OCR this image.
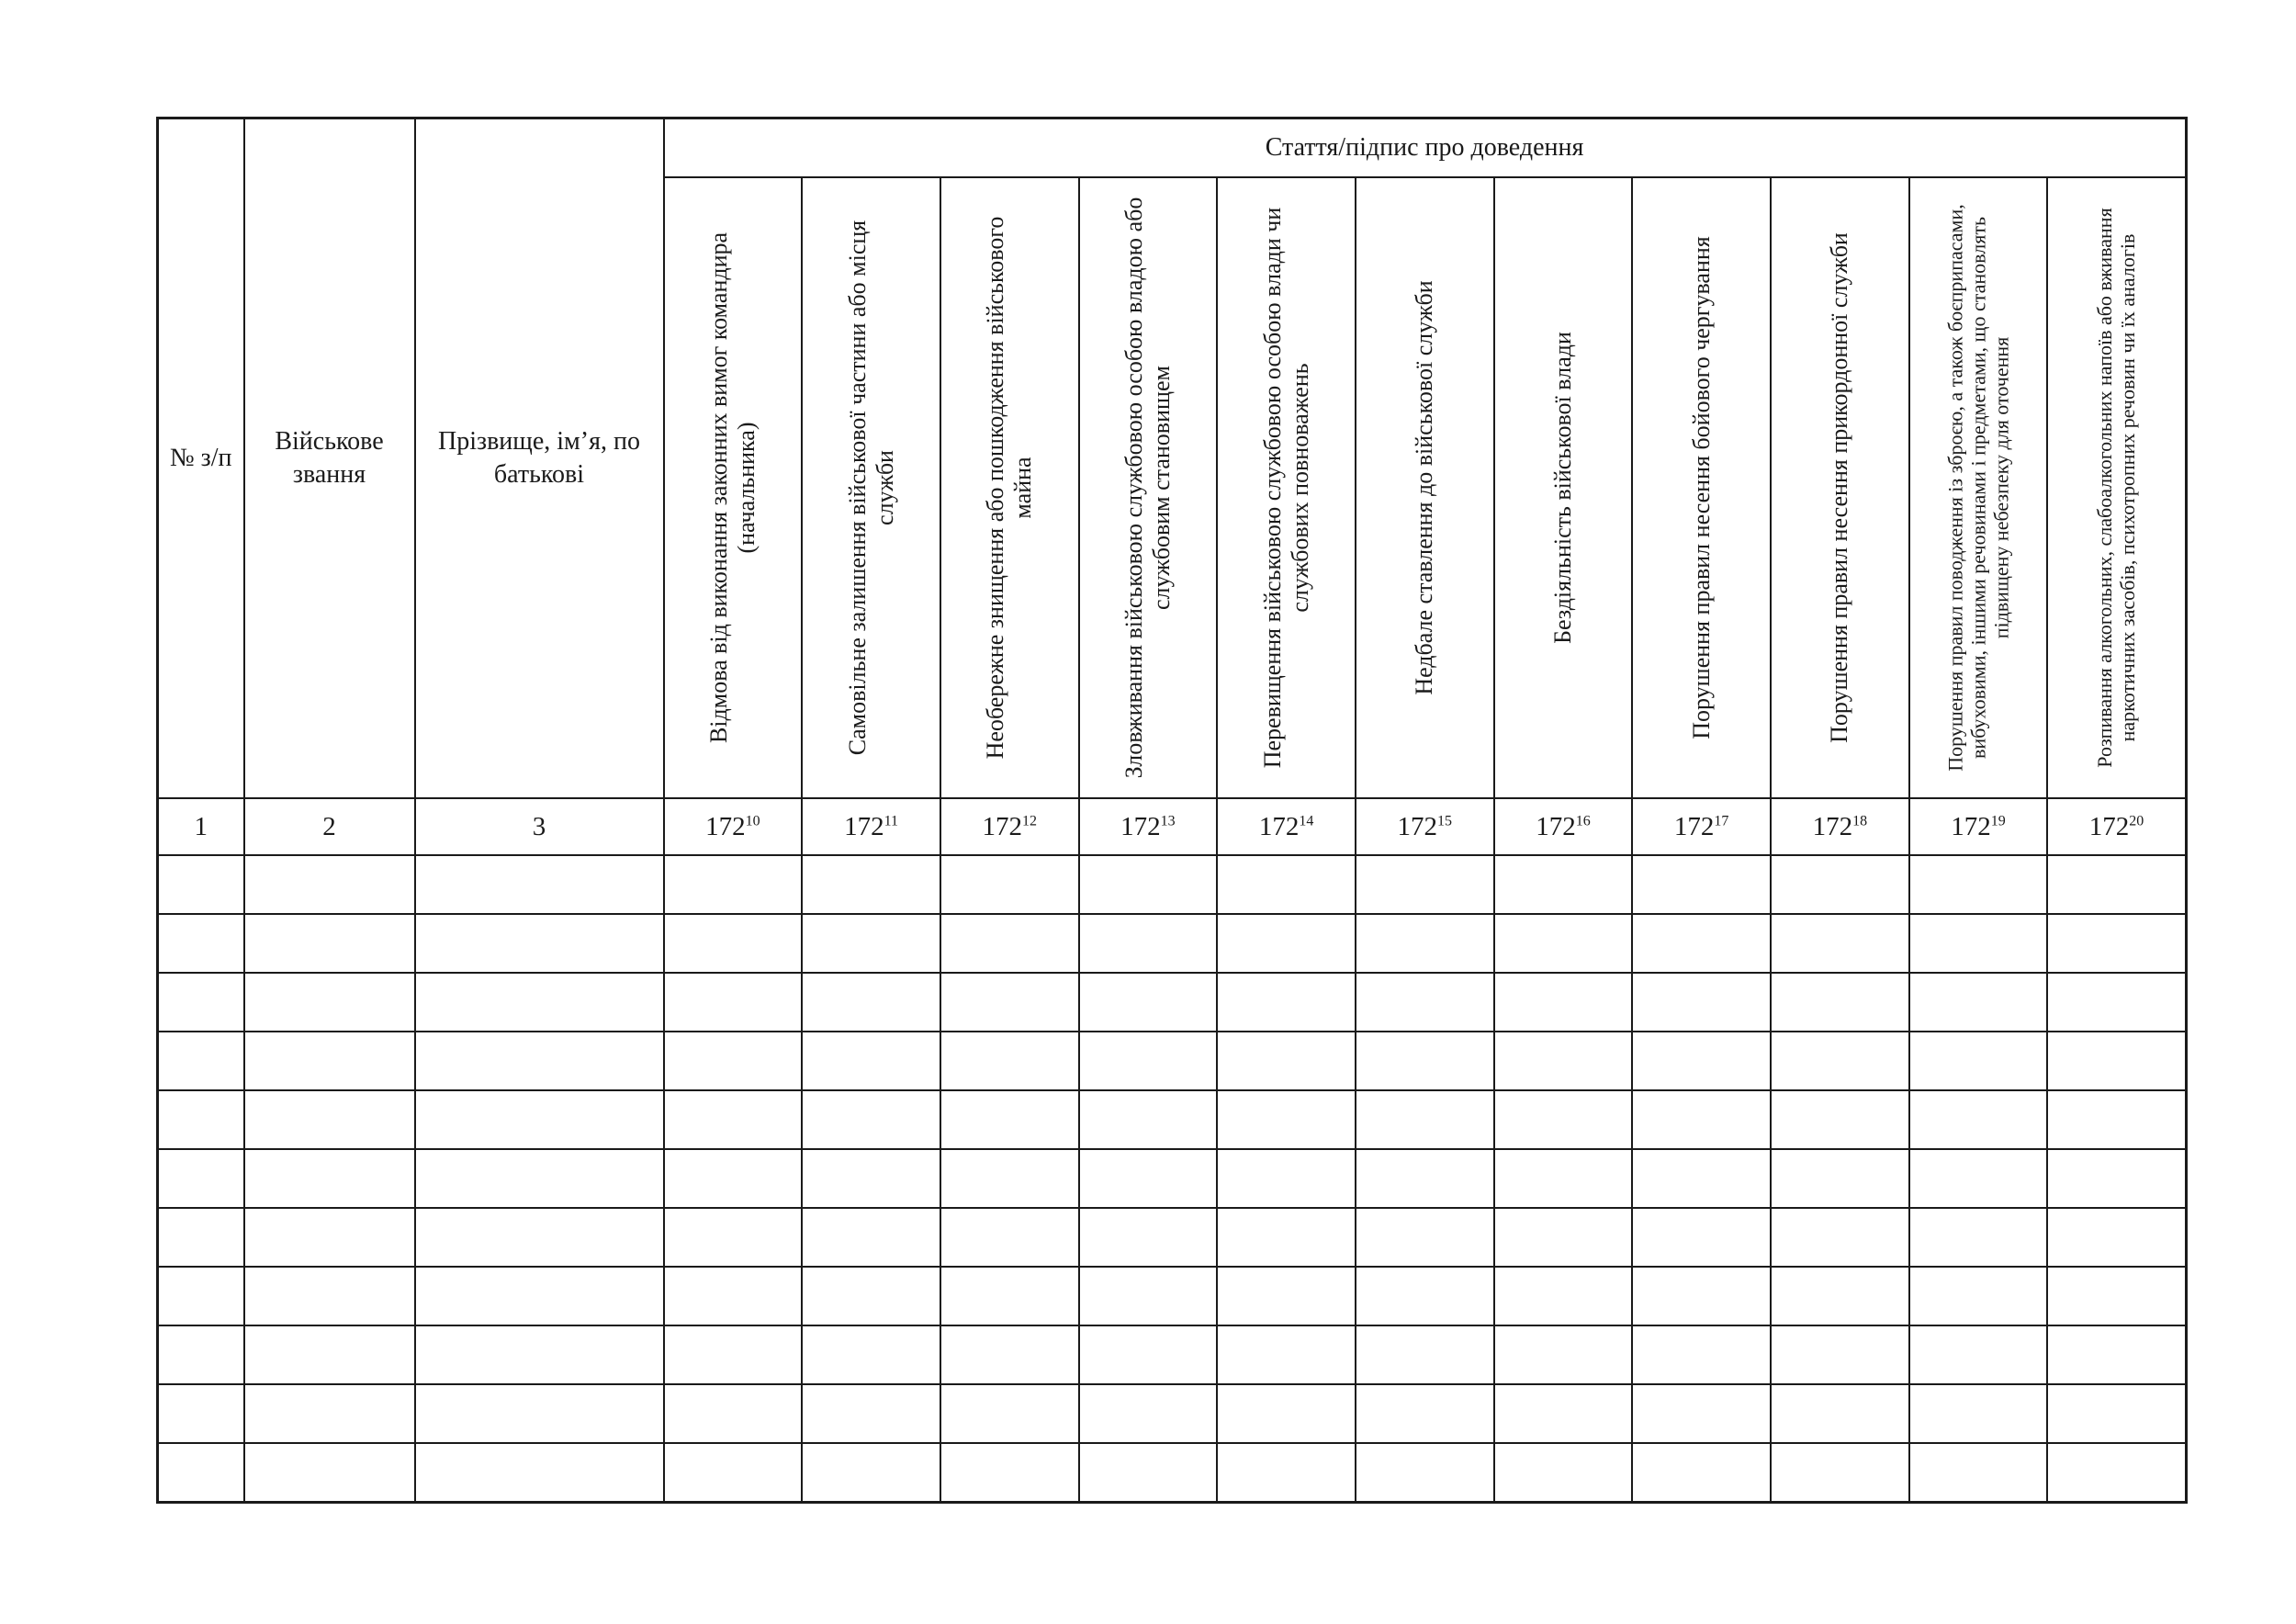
№ з/п	Військове звання	Прізвище, ім’я, по батькові	Стаття/підпис про доведення										

			Відмова від виконання законних вимог командира (начальника)	Самовільне залишення військової частини або місця служби	Необережне знищення або пошкодження військового майна	Зловживання військовою службовою особою владою або службовим становищем	Перевищення військовою службовою особою влади чи службових повноважень	Недбале ставлення до військової служби	Бездіяльність військової влади	Порушення правил несення бойового чергування	Порушення правил несення прикордонної служби	Порушення правил поводження із зброєю, а також боєприпасами, вибуховими, іншими речовинами і предметами, що становлять підвищену небезпеку для оточення	Розпивання алкогольних, слабоалкогольних напоїв або вживання наркотичних засобів, психотропних речовин чи їх аналогів

1	2	3	$172^{10}$	$172^{11}$	$172^{12}$	$172^{13}$	$172^{14}$	$172^{15}$	$172^{16}$	$172^{17}$	$172^{18}$	$172^{19}$	$172^{20}$
